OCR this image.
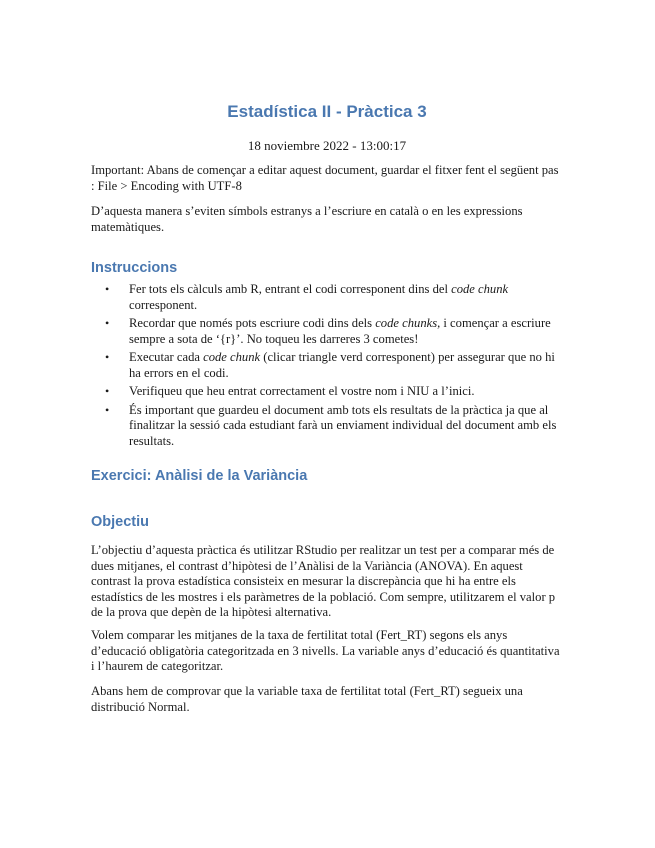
Estadística II - Pràctica 3

18 noviembre 2022 - 13:00:17

Important: Abans de començar a editar aquest document, guardar el fitxer fent el següent pas : File > Encoding with UTF-8

D’aquesta manera s’eviten símbols estranys a l’escriure en català o en les expressions matemàtiques.

Instruccions
• Fer tots els càlculs amb R, entrant el codi corresponent dins del code chunk corresponent.
• Recordar que només pots escriure codi dins dels code chunks, i començar a escriure sempre a sota de ‘{r}’. No toqueu les darreres 3 cometes!
• Executar cada code chunk (clicar triangle verd corresponent) per assegurar que no hi ha errors en el codi.
• Verifiqueu que heu entrat correctament el vostre nom i NIU a l’inici.
• És important que guardeu el document amb tots els resultats de la pràctica ja que al finalitzar la sessió cada estudiant farà un enviament individual del document amb els resultats.
Exercici: Anàlisi de la Variància
Objectiu

L’objectiu d’aquesta pràctica és utilitzar RStudio per realitzar un test per a comparar més de dues mitjanes, el contrast d’hipòtesi de l’Anàlisi de la Variància (ANOVA). En aquest contrast la prova estadística consisteix en mesurar la discrepància que hi ha entre els estadístics de les mostres i els paràmetres de la població. Com sempre, utilitzarem el valor p de la prova que depèn de la hipòtesi alternativa.

Volem comparar les mitjanes de la taxa de fertilitat total (Fert_RT) segons els anys d’educació obligatòria categoritzada en 3 nivells. La variable anys d’educació és quantitativa i l’haurem de categoritzar.

Abans hem de comprovar que la variable taxa de fertilitat total (Fert_RT) segueix una distribució Normal.
